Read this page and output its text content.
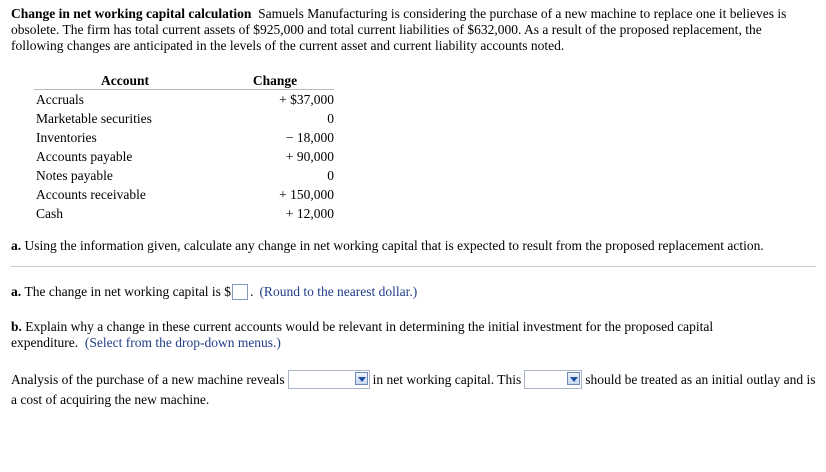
Change in net working capital calculation Samuels Manufacturing is considering the purchase of a new machine to replace one it believes is obsolete. The firm has total current assets of $925,000 and total current liabilities of $632,000. As a result of the proposed replacement, the following changes are anticipated in the levels of the current asset and current liability accounts noted.
Account	Change
Accruals	+ $37,000
Marketable securities	0
Inventories	− 18,000
Accounts payable	+ 90,000
Notes payable	0
Accounts receivable	+ 150,000
Cash	+ 12,000
a. Using the information given, calculate any change in net working capital that is expected to result from the proposed replacement action.
a.
The change in net working capital is $ . (Round to the nearest dollar.)
b. Explain why a change in these current accounts would be relevant in determining the initial investment for the proposed capital expenditure. (Select from the drop-down menus.)
Analysis of the purchase of a new machine reveals	in net working capital. This	should be treated as an initial outlay and is a cost of acquiring the new machine.
